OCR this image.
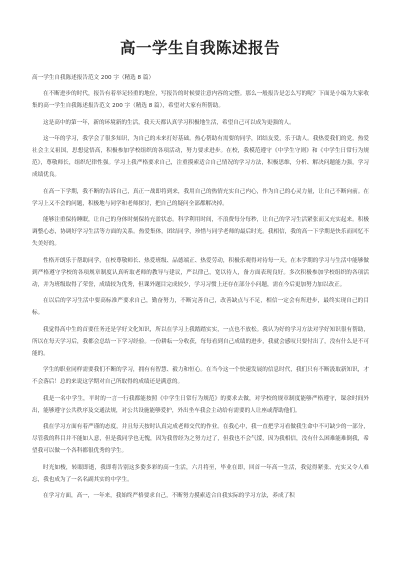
高一学生自我陈述报告

高一学生自我陈述报告范文 200 字（精选 8 篇）

在不断进步的时代，报告有着举足轻重的地位，写报告的时候要注意内容的完整。那么一般报告是怎么写的呢？下面是小编为大家收集的高一学生自我陈述报告范文 200 字（精选 8 篇），希望对大家有所帮助。

这是高中的第一年，新的环境新的生活，我天天都认真学习积极地生活，希望自己可以成为更强的人。

这一年的学习，我学会了很多知识，为自己的未来打好基础。热心帮助有需要的同学，团结友爱，乐于助人。我热爱我们的党，热爱社会主义祖国，思想觉悟高，积极参加学校组织的各项活动，努力要求进步。在校，我模范遵守《中学生守则》和《中学生日常行为规范》，尊敬师长，组织纪律性强。学习上我严格要求自己，注重摸索适合自己情况的学习方法，积极思维，分析、解决问题能力强，学习成绩优良。

在高一下学期，我不断的告诉自己，真正一战即将到来，我用自己的热情充实自己内心，作为自己的心灵力量，让自己不断向前。在学习上又不会的问题，积极地与同学和老师探讨，把自己的疑问全部都解决掉。

能够注重保持睡眠，让自己的身体时刻保持充盈状态。科学利用时间，不浪费每分每秒，让自己的学习生活紧张而又充实起来。积极调整心态，协调好学习生活等方面的关系。热爱集体，团结同学，珍惜与同学老师的最后时光。我相信，我的高一下学期是快乐而回忆不失美好的。

性格开朗乐于帮助同学，在校尊敬师长、热爱班级、品德端正、热爱劳动，积极乐观得对待每一天。在本学期的学习与生活中能够做到严格遵守学校的各项规章制度认真听取老师的教导与建议，严以律己，宽以待人，备方面表现良好。多次积极参加学校组织的各项活动，并为班级取得了荣誉，成绩较为优秀，但课外题目完成较少，学习习惯上还存在部分小问题，需在今后更加努力加以改正。

在以后的学习生活中要高标准严要求自己，勤奋努力，不断完善自己，改善缺点与不足，相信一定会有所进步，最终实现自己的目标。

我觉得高中生的首要任务还是学好文化知识，所以在学习上我踏踏实实，一点也不放松。我认为好的学习方法对学好知识很有帮助，所以在每天学习后，我都会总结一下学习经验。一份耕耘一分收获，每每看到自己成绩的进步，我就会感叹只要付出了，没有什么是不可能的。

学生的职业同样需要我们不断的学习，拥有有智慧、毅力和恒心。在当今这一个快速发展的信息时代，我们只有不断汲取新知识，才不会落后！总的来说这学期对自己所取得的成绩还是满意的。

我是一名中学生，平时的一言一行我都能按照《中学生日常行为规范》的要求去做，对学校的规章制度能够严格遵守，课余时间外出，能够遵守公共秩序及交通法规，对公共设施能够爱护，外出坐车我会主动给有需要的人让座或帮助他们。

我在学习方面有着严谨的态度，并且每天按时认真完成老师交代的作业。在我心中，我一直把学习看做我生命中不可缺少的一部分，尽管我的科目并不能如人意，但是我同学也无愧，因为我曾经为之努力过了，但我也不会气馁，因为我相信，没有什么困难能难倒我，希望我可以做一个各科都很优秀的学生。

时光如梭，转眼即逝，我即将告别这多姿多彩的高一生活，六月将至，毕业在即，回首一年高一生活，我觉得紧张、充实又令人难忘，我也成为了一名名副其实的中学生。

在学习方面，高一，一年来，我始终严格要求自己，不断努力摸索适合自我实际的学习方法，养成了积
